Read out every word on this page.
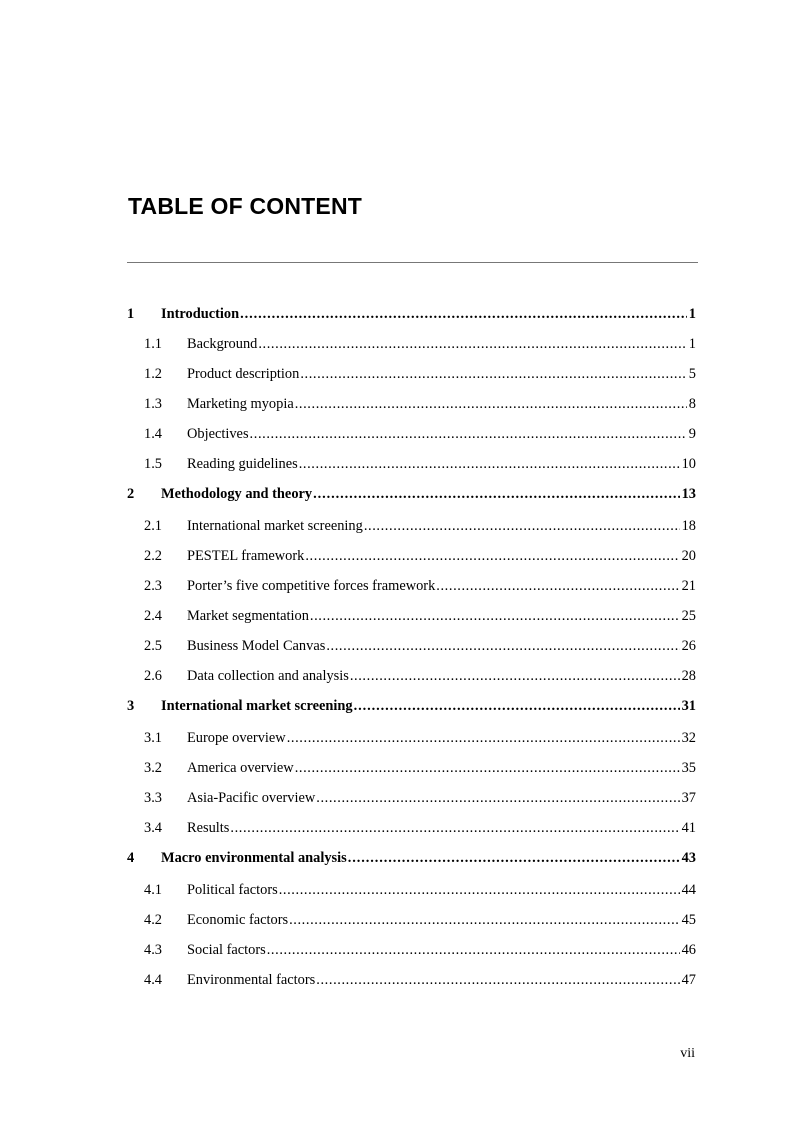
TABLE OF CONTENT
1	Introduction .....	1
1.1	Background .....	1
1.2	Product description .....	5
1.3	Marketing myopia .....	8
1.4	Objectives .....	9
1.5	Reading guidelines .....	10
2	Methodology and theory .....	13
2.1	International market screening .....	18
2.2	PESTEL framework .....	20
2.3	Porter’s five competitive forces framework .....	21
2.4	Market segmentation .....	25
2.5	Business Model Canvas .....	26
2.6	Data collection and analysis .....	28
3	International market screening .....	31
3.1	Europe overview .....	32
3.2	America overview .....	35
3.3	Asia-Pacific overview .....	37
3.4	Results .....	41
4	Macro environmental analysis .....	43
4.1	Political factors .....	44
4.2	Economic factors .....	45
4.3	Social factors .....	46
4.4	Environmental factors .....	47
vii
